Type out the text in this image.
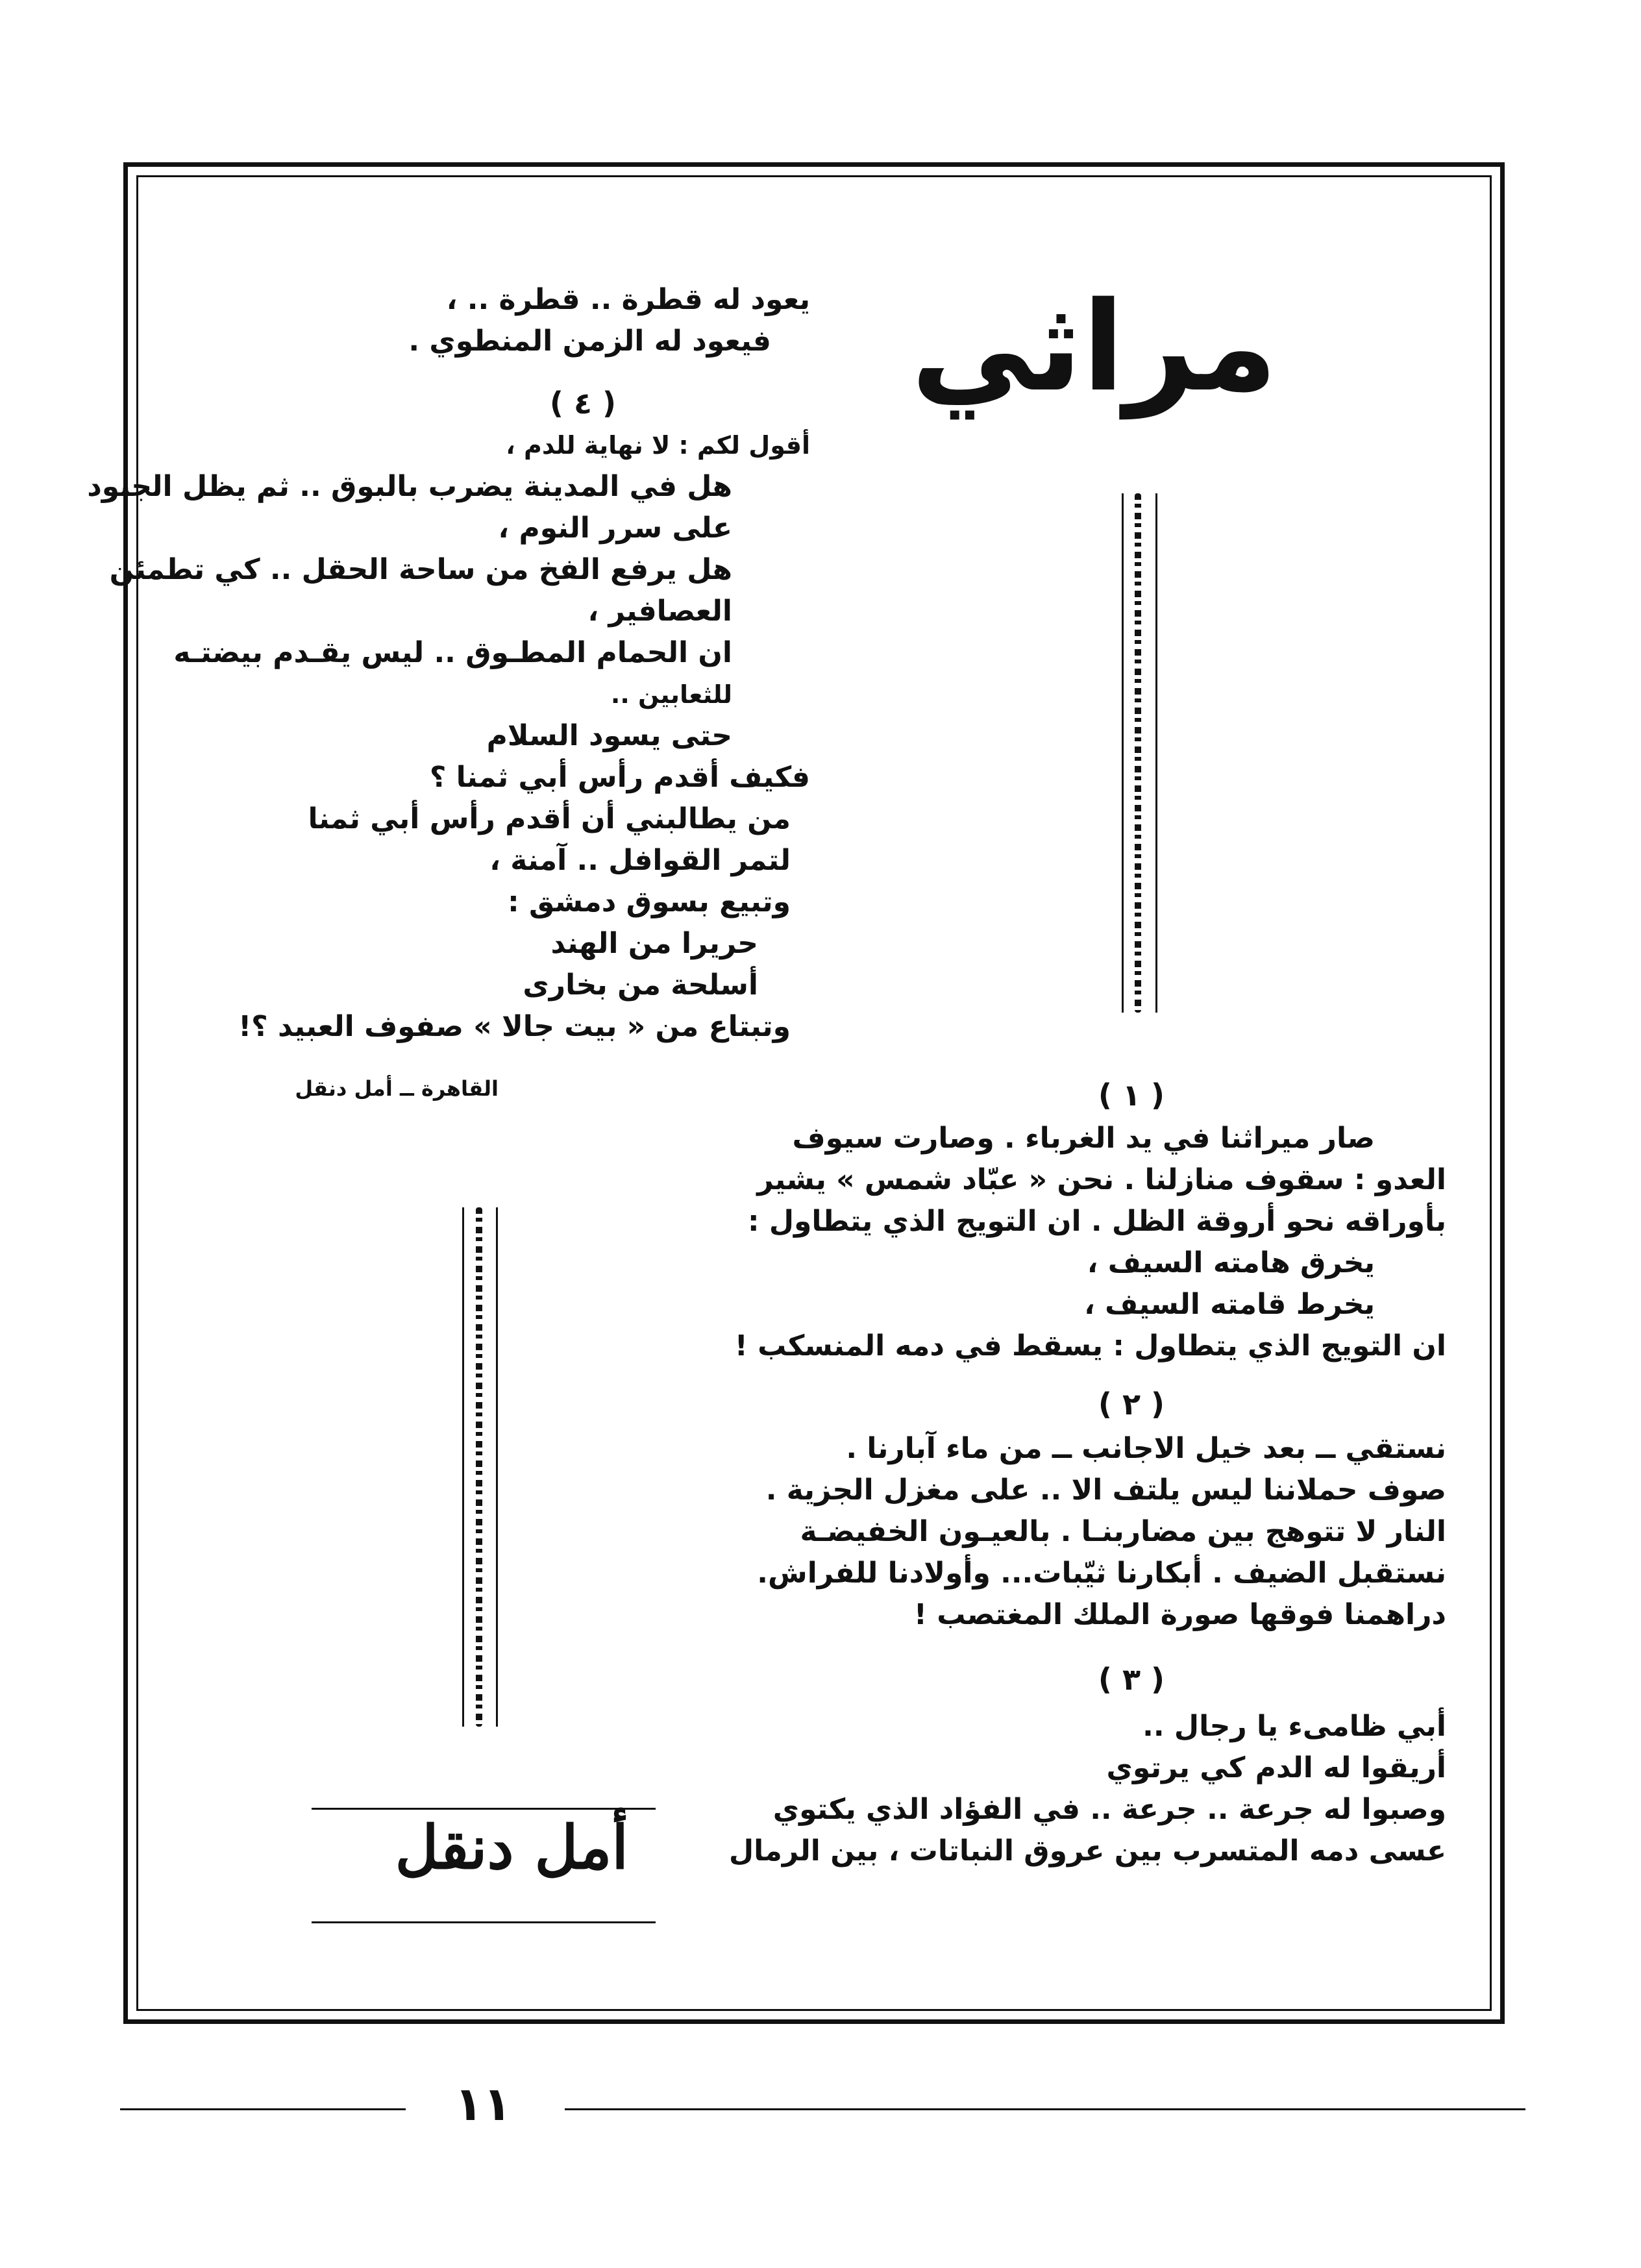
مراثي
يعود له قطرة .. قطرة .. ،
فيعود له الزمن المنطوي .
( ٤ )
أقول لكم : لا نهاية للدم ،
هل في المدينة يضرب بالبوق .. ثم يظل الجنود
على سرر النوم ،
هل يرفع الفخ من ساحة الحقل .. كي تطمئن
العصافير ،
ان الحمام المطـوق .. ليس يقـدم بيضتـه
للثعابين ..
حتى يسود السلام
فكيف أقدم رأس أبي ثمنا ؟
من يطالبني أن أقدم رأس أبي ثمنا
لتمر القوافل .. آمنة ،
وتبيع بسوق دمشق :
حريرا من الهند
أسلحة من بخارى
وتبتاع من « بيت جالا » صفوف العبيد ؟!
القاهرة ــ أمل دنقل
أمل دنقل
( ١ )
صار ميراثنا في يد الغرباء . وصارت سيوف
العدو : سقوف منازلنا . نحن « عبّاد شمس » يشير
بأوراقه نحو أروقة الظل . ان التويج الذي يتطاول :
يخرق هامته السيف ،
يخرط قامته السيف ،
ان التويج الذي يتطاول : يسقط في دمه المنسكب !
( ٢ )
نستقي ــ بعد خيل الاجانب ــ من ماء آبارنا .
صوف حملاننا ليس يلتف الا .. على مغزل الجزية .
النار لا تتوهج بين مضاربنـا . بالعيـون الخفيضـة
نستقبل الضيف . أبكارنا ثيّبات... وأولادنا للفراش.
دراهمنا فوقها صورة الملك المغتصب !
( ٣ )
أبي ظامىء يا رجال ..
أريقوا له الدم كي يرتوي
وصبوا له جرعة .. جرعة .. في الفؤاد الذي يكتوي
عسى دمه المتسرب بين عروق النباتات ، بين الرمال
١١
